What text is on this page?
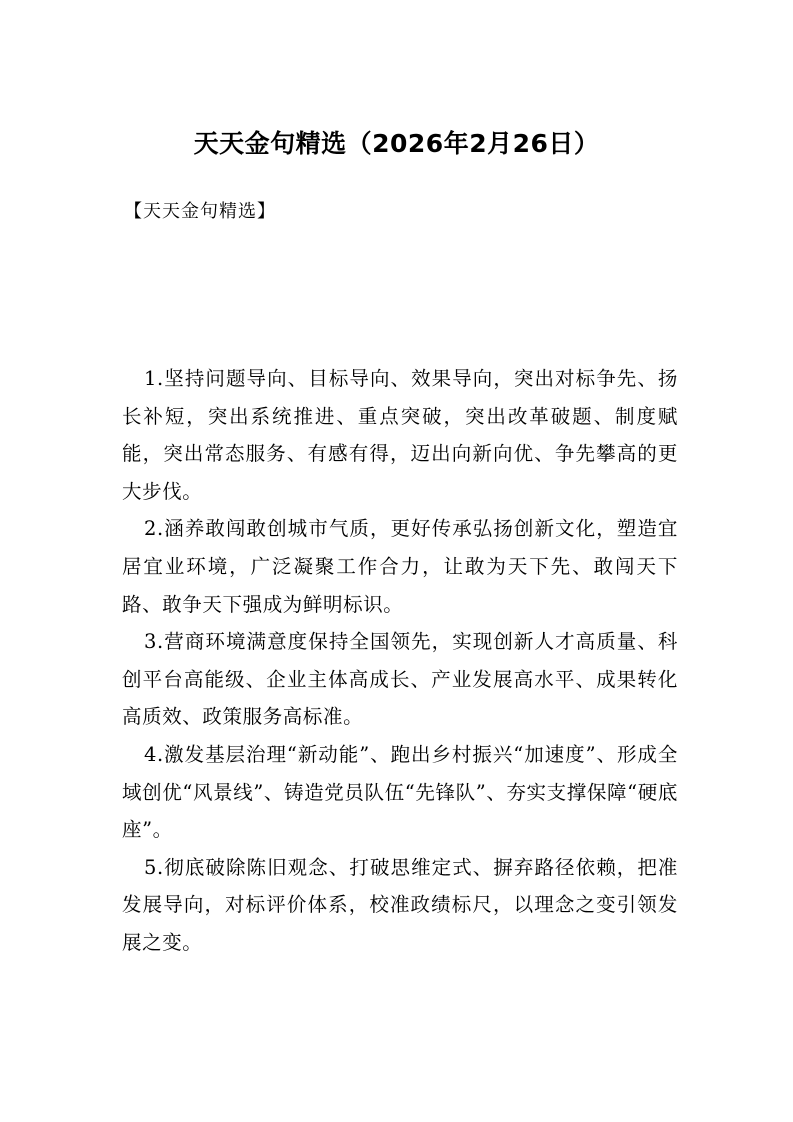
天天金句精选（2026年2月26日）

【天天金句精选】

1.坚持问题导向、目标导向、效果导向，突出对标争先、扬长补短，突出系统推进、重点突破，突出改革破题、制度赋能，突出常态服务、有感有得，迈出向新向优、争先攀高的更大步伐。

2.涵养敢闯敢创城市气质，更好传承弘扬创新文化，塑造宜居宜业环境，广泛凝聚工作合力，让敢为天下先、敢闯天下路、敢争天下强成为鲜明标识。

3.营商环境满意度保持全国领先，实现创新人才高质量、科创平台高能级、企业主体高成长、产业发展高水平、成果转化高质效、政策服务高标准。

4.激发基层治理“新动能”、跑出乡村振兴“加速度”、形成全域创优“风景线”、铸造党员队伍“先锋队”、夯实支撑保障“硬底座”。

5.彻底破除陈旧观念、打破思维定式、摒弃路径依赖，把准发展导向，对标评价体系，校准政绩标尺，以理念之变引领发展之变。
